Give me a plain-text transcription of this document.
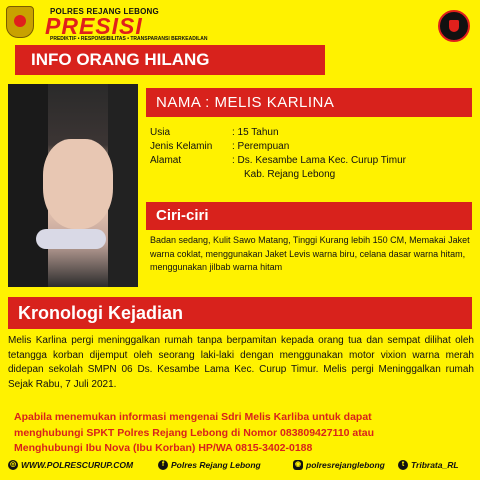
POLRES REJANG LEBONG
PRESISI
PREDIKTIF • RESPONSIBILITAS • TRANSPARANSI BERKEADILAN
INFO ORANG HILANG
NAMA : MELIS KARLINA
Usia	: 15 Tahun
Jenis Kelamin	: Perempuan
Alamat	: Ds. Kesambe Lama Kec. Curup Timur
Kab. Rejang Lebong
Ciri-ciri
Badan sedang, Kulit Sawo Matang, Tinggi Kurang lebih 150 CM, Memakai Jaket warna coklat, menggunakan Jaket Levis warna biru, celana dasar warna hitam, menggunakan jilbab warna hitam
Kronologi Kejadian
Melis Karlina pergi meninggalkan rumah tanpa berpamitan kepada orang tua dan sempat dilihat oleh tetangga korban dijemput oleh seorang laki-laki dengan menggunakan motor vixion warna merah didepan sekolah SMPN 06 Ds. Kesambe Lama Kec. Curup Timur. Melis pergi Meninggalkan rumah Sejak Rabu, 7 Juli 2021.
Apabila menemukan informasi mengenai Sdri Melis Karliba untuk dapat
menghubungi SPKT Polres Rejang Lebong di Nomor 083809427110 atau
Menghubungi Ibu Nova (Ibu Korban) HP/WA 0815-3402-0188
◎ WWW.POLRESCURUP.COM	f Polres Rejang Lebong	◉ polresrejanglebong	t Tribrata_RL
